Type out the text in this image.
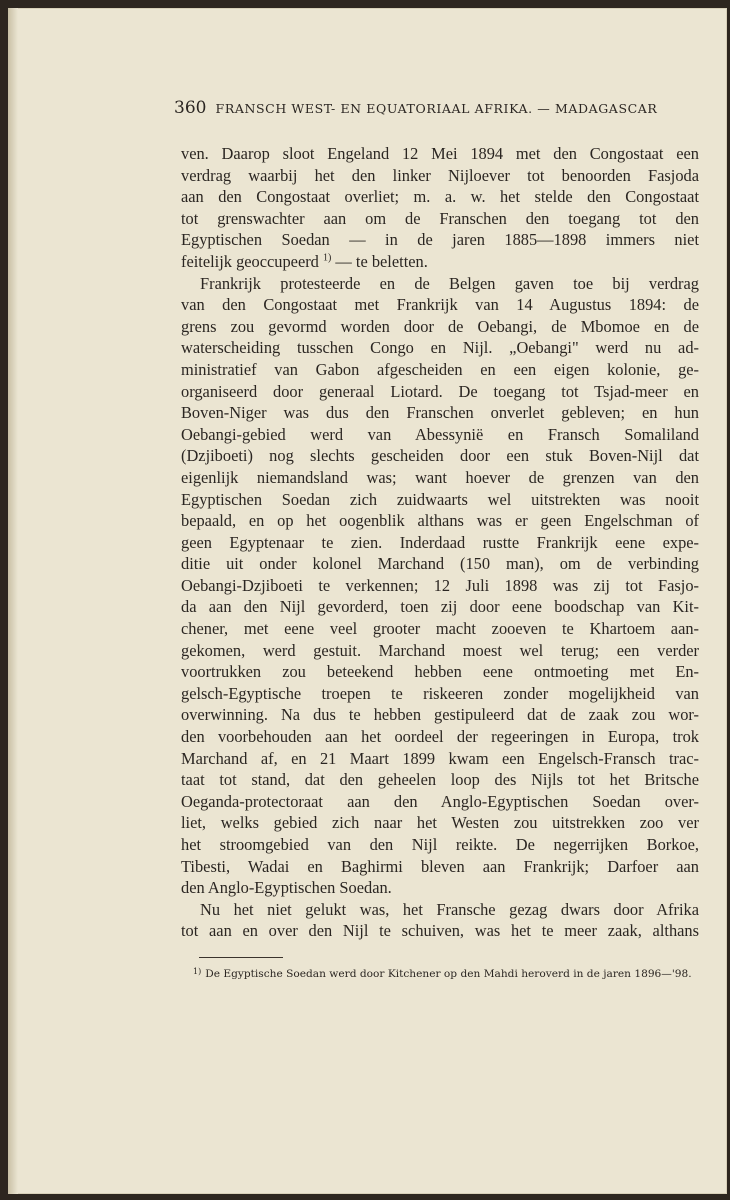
360 FRANSCH WEST- EN EQUATORIAAL AFRIKA. — MADAGASCAR

ven. Daarop sloot Engeland 12 Mei 1894 met den Congostaat een

verdrag waarbij het den linker Nijloever tot benoorden Fasjoda

aan den Congostaat overliet; m. a. w. het stelde den Congostaat

tot grenswachter aan om de Franschen den toegang tot den

Egyptischen Soedan — in de jaren 1885—1898 immers niet

feitelijk geoccupeerd $^{1)}$ — te beletten.

Frankrijk protesteerde en de Belgen gaven toe bij verdrag

van den Congostaat met Frankrijk van 14 Augustus 1894: de

grens zou gevormd worden door de Oebangi, de Mbomoe en de

waterscheiding tusschen Congo en Nijl. „Oebangi" werd nu ad-

ministratief van Gabon afgescheiden en een eigen kolonie, ge-

organiseerd door generaal Liotard. De toegang tot Tsjad-meer en

Boven-Niger was dus den Franschen onverlet gebleven; en hun

Oebangi-gebied werd van Abessynië en Fransch Somaliland

(Dzjiboeti) nog slechts gescheiden door een stuk Boven-Nijl dat

eigenlijk niemandsland was; want hoever de grenzen van den

Egyptischen Soedan zich zuidwaarts wel uitstrekten was nooit

bepaald, en op het oogenblik althans was er geen Engelschman of

geen Egyptenaar te zien. Inderdaad rustte Frankrijk eene expe-

ditie uit onder kolonel Marchand (150 man), om de verbinding

Oebangi-Dzjiboeti te verkennen; 12 Juli 1898 was zij tot Fasjo-

da aan den Nijl gevorderd, toen zij door eene boodschap van Kit-

chener, met eene veel grooter macht zooeven te Khartoem aan-

gekomen, werd gestuit. Marchand moest wel terug; een verder

voortrukken zou beteekend hebben eene ontmoeting met En-

gelsch-Egyptische troepen te riskeeren zonder mogelijkheid van

overwinning. Na dus te hebben gestipuleerd dat de zaak zou wor-

den voorbehouden aan het oordeel der regeeringen in Europa, trok

Marchand af, en 21 Maart 1899 kwam een Engelsch-Fransch trac-

taat tot stand, dat den geheelen loop des Nijls tot het Britsche

Oeganda-protectoraat aan den Anglo-Egyptischen Soedan over-

liet, welks gebied zich naar het Westen zou uitstrekken zoo ver

het stroomgebied van den Nijl reikte. De negerrijken Borkoe,

Tibesti, Wadai en Baghirmi bleven aan Frankrijk; Darfoer aan

den Anglo-Egyptischen Soedan.

Nu het niet gelukt was, het Fransche gezag dwars door Afrika

tot aan en over den Nijl te schuiven, was het te meer zaak, althans

$^{1)}$ De Egyptische Soedan werd door Kitchener op den Mahdi heroverd in de jaren 1896—'98.
